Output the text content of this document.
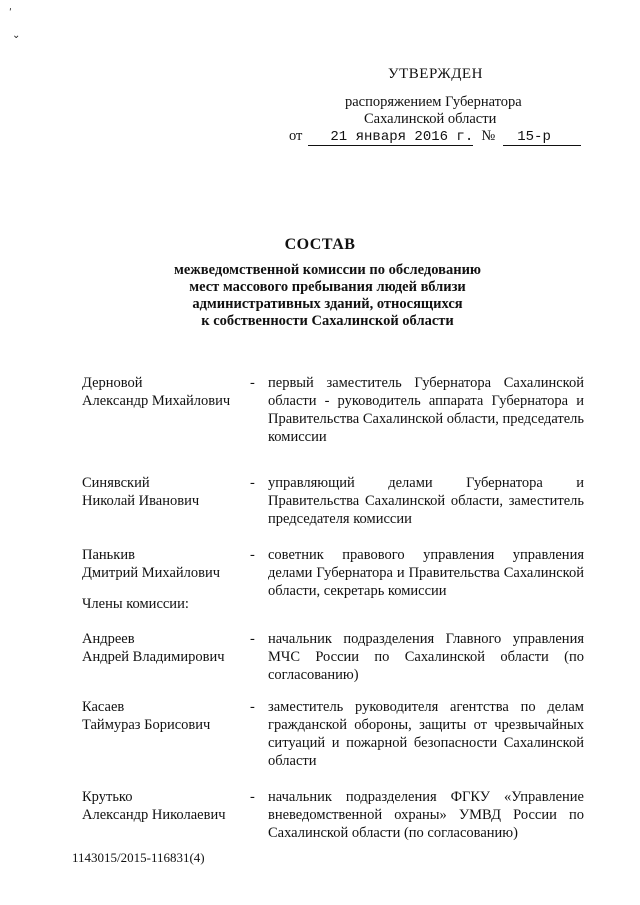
ʹ
⌄
УТВЕРЖДЕН
распоряжением Губернатора
Сахалинской области
от 21 января 2016 г. № 15-р
СОСТАВ
межведомственной комиссии по обследованию
мест массового пребывания людей вблизи
административных зданий, относящихся
к собственности Сахалинской области
Дерновой
Александр Михайлович
- первый заместитель Губернатора Сахалинской области - руководитель аппарата Губернатора и Правительства Сахалинской области, председатель комиссии
Синявский
Николай Иванович
- управляющий делами Губернатора и Правительства Сахалинской области, заместитель председателя комиссии
Панькив
Дмитрий Михайлович
- советник правового управления управления делами Губернатора и Правительства Сахалинской области, секретарь комиссии
Члены комиссии:
Андреев
Андрей Владимирович
- начальник подразделения Главного управления МЧС России по Сахалинской области (по согласованию)
Касаев
Таймураз Борисович
- заместитель руководителя агентства по делам гражданской обороны, защиты от чрезвычайных ситуаций и пожарной безопасности Сахалинской области
Крутько
Александр Николаевич
- начальник подразделения ФГКУ «Управление вневедомственной охраны» УМВД России по Сахалинской области (по согласованию)
1143015/2015-116831(4)
